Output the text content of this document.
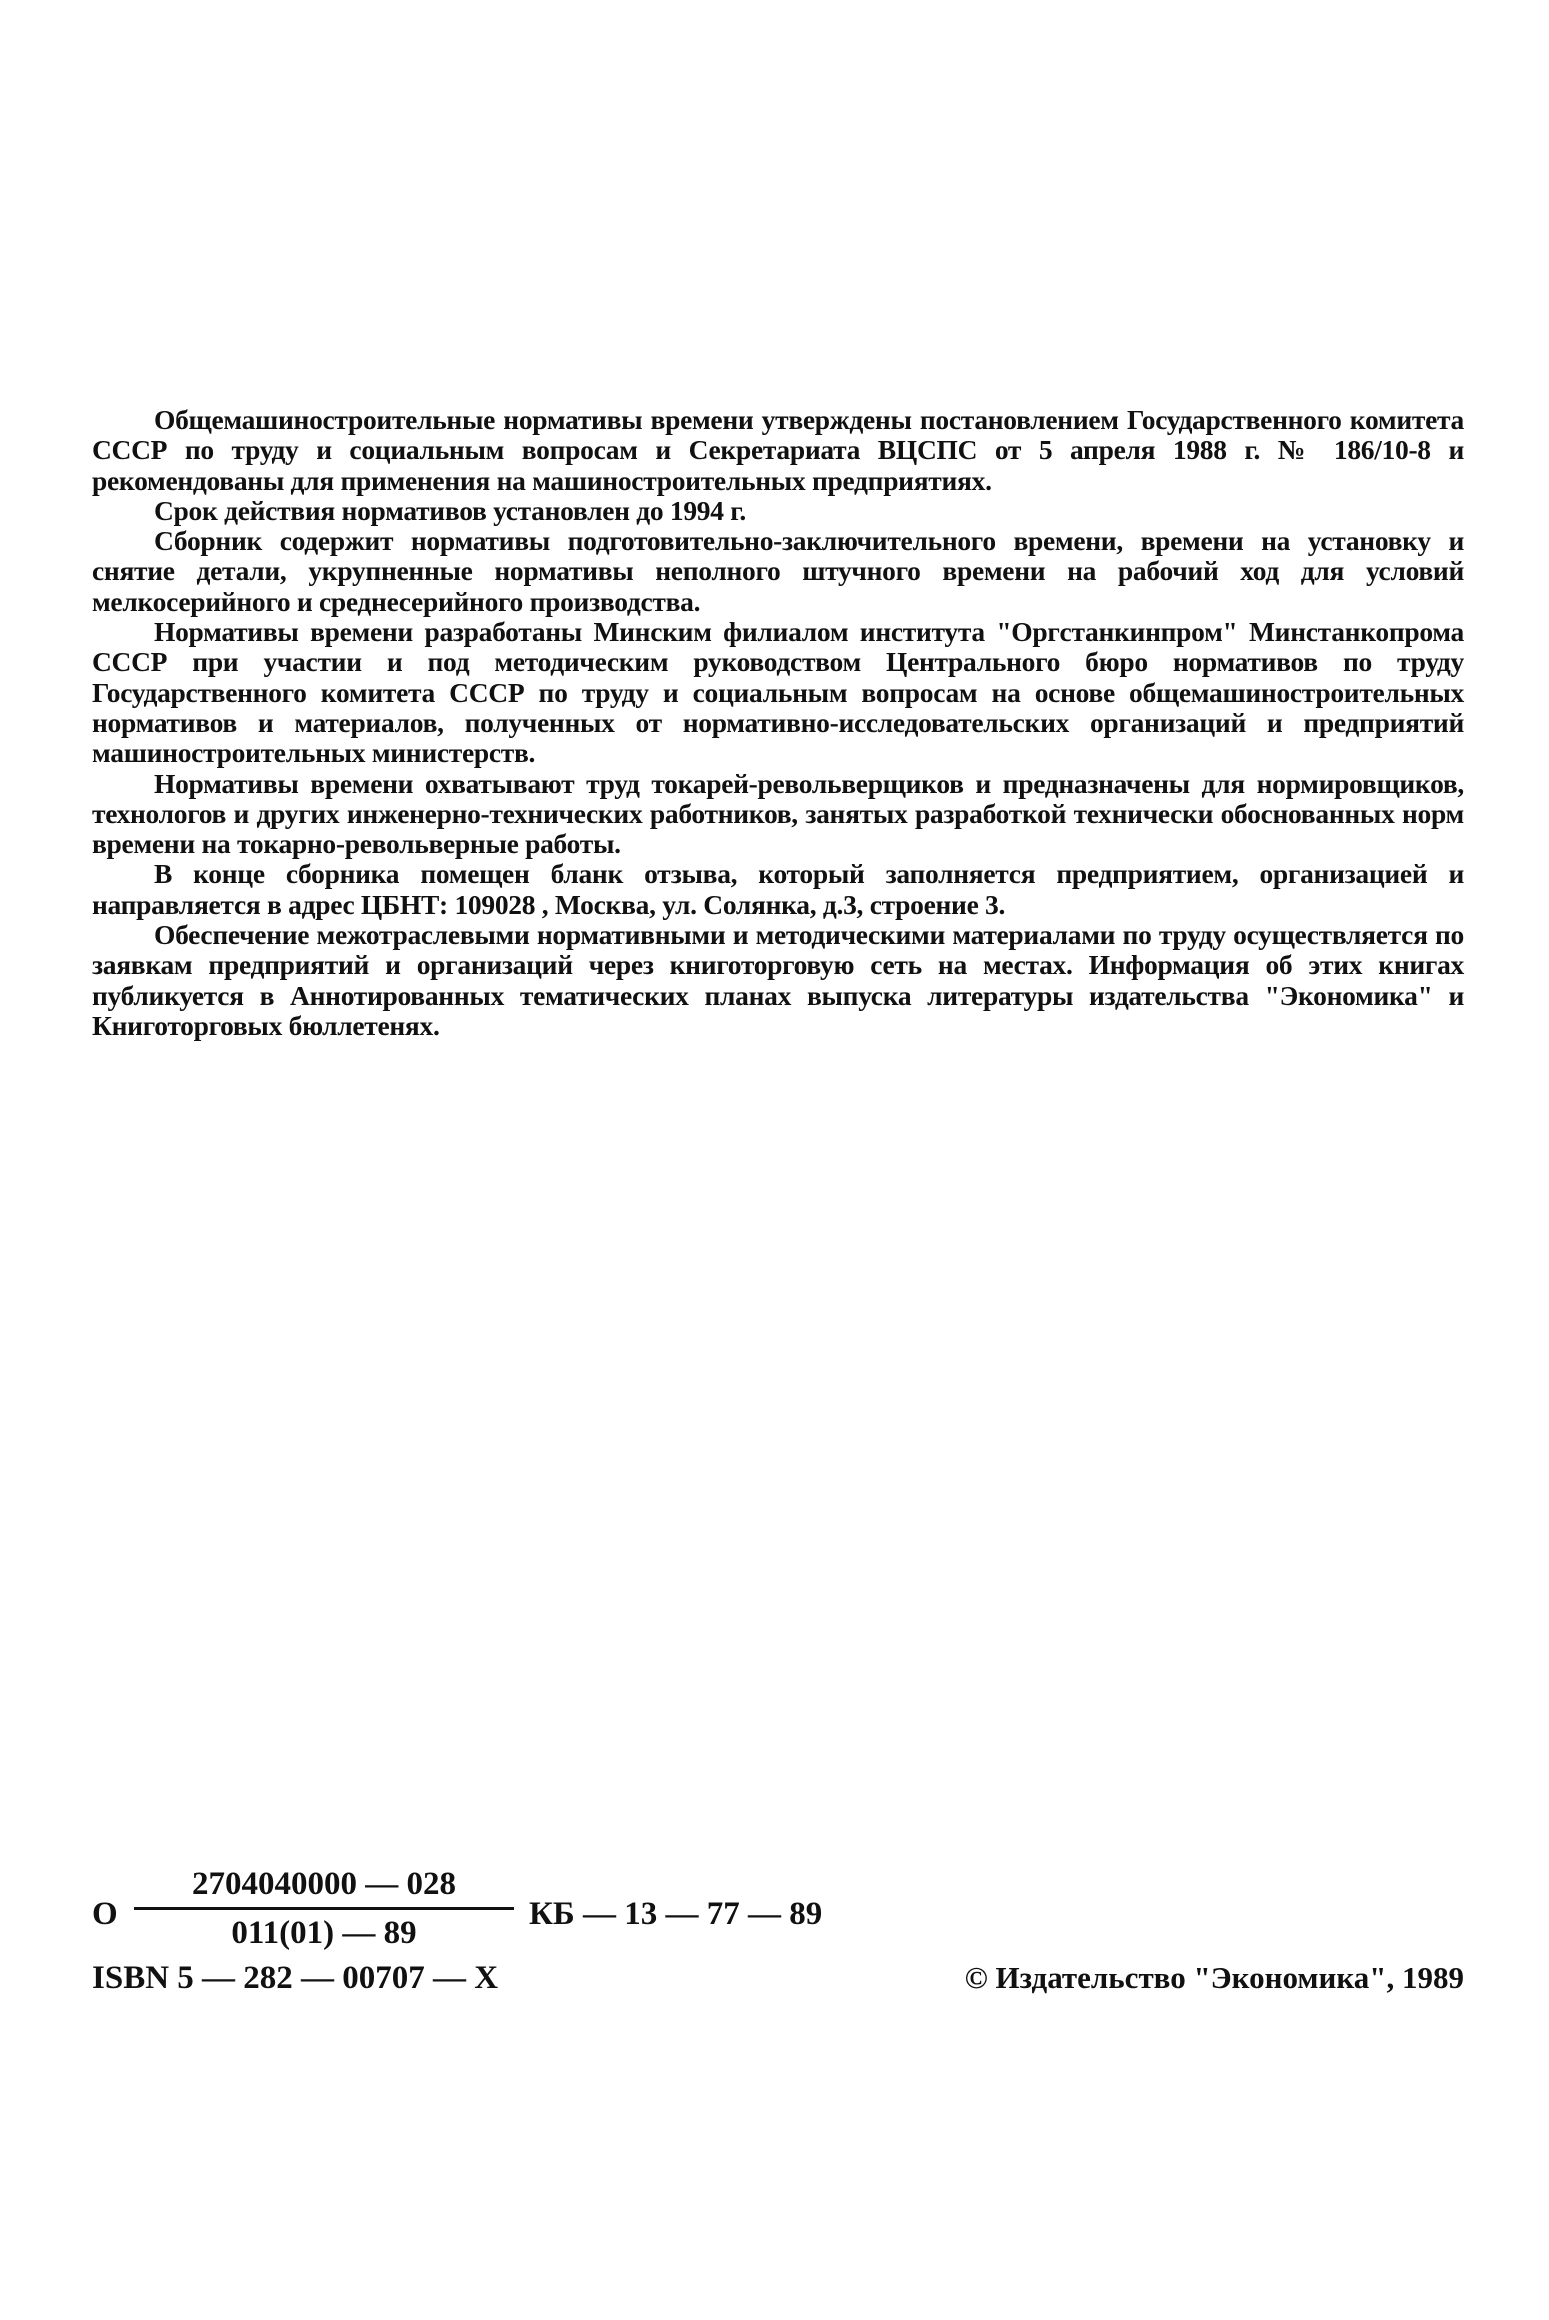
Общемашиностроительные нормативы времени утверждены постановлением Государственного комитета СССР по труду и социальным вопросам и Секретариата ВЦСПС от 5 апреля 1988 г. № 186/10-8 и рекомендованы для применения на машиностроительных предприятиях.

Срок действия нормативов установлен до 1994 г.

Сборник содержит нормативы подготовительно-заключительного времени, времени на установку и снятие детали, укрупненные нормативы неполного штучного времени на рабочий ход для условий мелкосерийного и среднесерийного производства.

Нормативы времени разработаны Минским филиалом института "Оргстанкинпром" Минстанкопрома СССР при участии и под методическим руководством Центрального бюро нормативов по труду Государственного комитета СССР по труду и социальным вопросам на основе общемашиностроительных нормативов и материалов, полученных от нормативно-исследовательских организаций и предприятий машиностроительных министерств.

Нормативы времени охватывают труд токарей-револьверщиков и предназначены для нормировщиков, технологов и других инженерно-технических работников, занятых разработкой технически обоснованных норм времени на токарно-револьверные работы.

В конце сборника помещен бланк отзыва, который заполняется предприятием, организацией и направляется в адрес ЦБНТ: 109028 , Москва, ул. Солянка, д.3, строение 3.

Обеспечение межотраслевыми нормативными и методическими материалами по труду осуществляется по заявкам предприятий и организаций через книготорговую сеть на местах. Информация об этих книгах публикуется в Аннотированных тематических планах выпуска литературы издательства "Экономика" и Книготорговых бюллетенях.

О $\frac{2704040000 — 028}{011(01) — 89}$ КБ — 13 — 77 — 89
ISBN 5 — 282 — 00707 — X	© Издательство "Экономика", 1989
